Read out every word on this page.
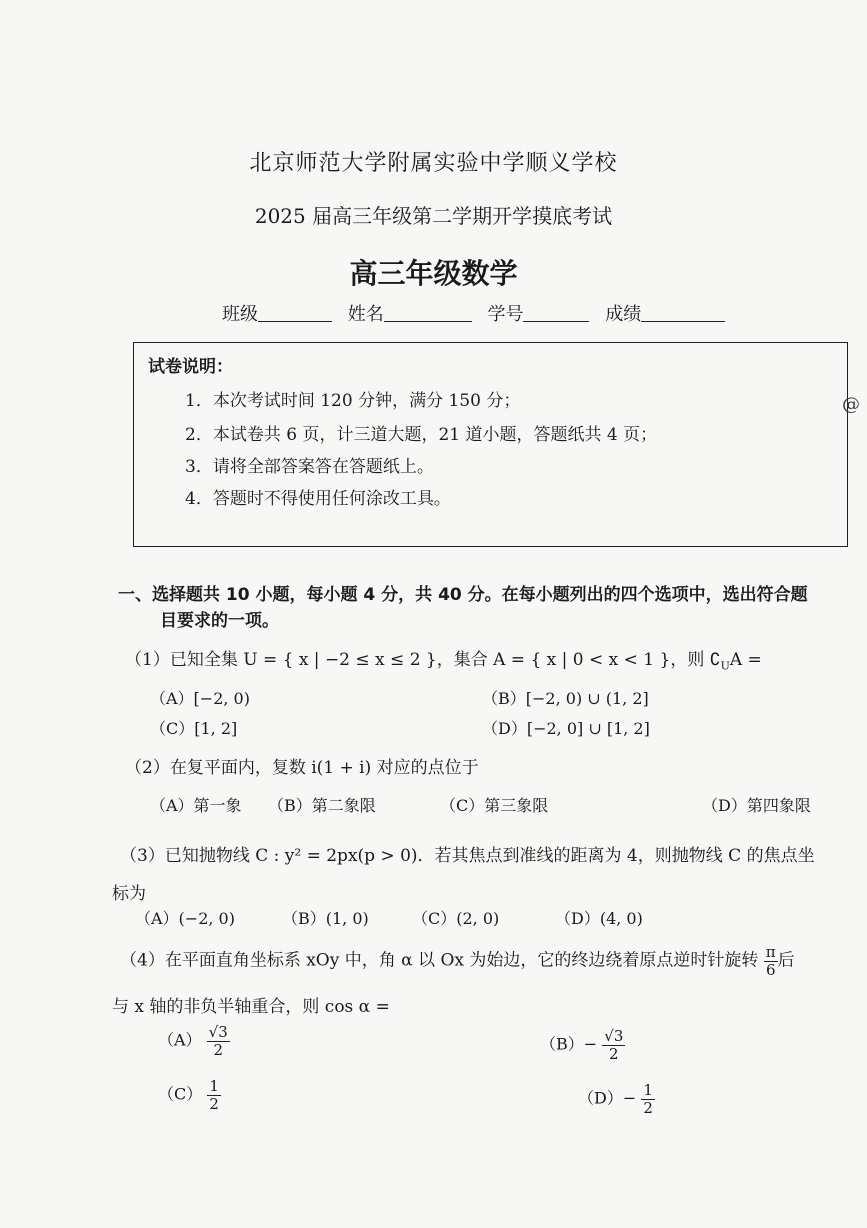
北京师范大学附属实验中学顺义学校
2025 届高三年级第二学期开学摸底考试
高三年级数学
班级	姓名	学号	成绩
试卷说明：
1．本次考试时间 120 分钟，满分 150 分；
2．本试卷共 6 页，计三道大题，21 道小题，答题纸共 4 页；
3．请将全部答案答在答题纸上。
4．答题时不得使用任何涂改工具。
@
一、选择题共 10 小题，每小题 4 分，共 40 分。在每小题列出的四个选项中，选出符合题
目要求的一项。
（1）已知全集 U = { x | −2 ≤ x ≤ 2 }，集合 A = { x | 0 < x < 1 }，则 $∁_UA$ =
（A）[−2, 0)	（B）[−2, 0) ∪ (1, 2]
（C）[1, 2]	（D）[−2, 0] ∪ [1, 2]
（2）在复平面内，复数 i(1 + i) 对应的点位于
（A）第一象 （B）第二象限	（C）第三象限	（D）第四象限
（3）已知抛物线 C : y² = 2px(p > 0)．若其焦点到准线的距离为 4，则抛物线 C 的焦点坐
标为
（A）(−2, 0)	（B）(1, 0)	（C）(2, 0)	（D）(4, 0)
（4）在平面直角坐标系 xOy 中，角 α 以 Ox 为始边，它的终边绕着原点逆时针旋转 $\frac{\pi}{6}$ 后
与 x 轴的非负半轴重合，则 cos α =
$(A) \frac{√3}{2}$	$(B)- \frac{√3}{2}$
$(C) \frac{1}{2}$	$(D)- \frac{1}{2}$
